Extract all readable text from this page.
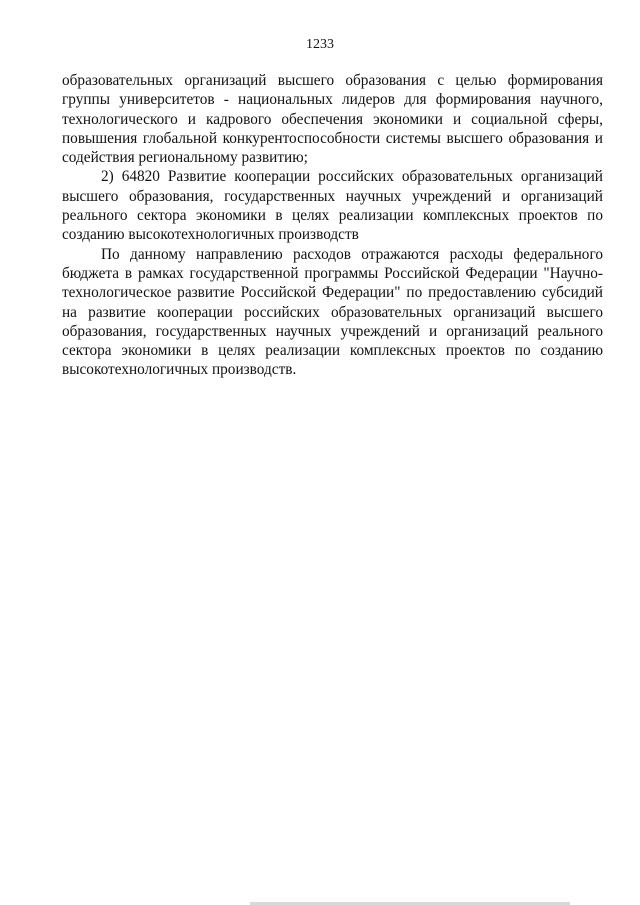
1233

образовательных организаций высшего образования с целью формирования группы университетов - национальных лидеров для формирования научного, технологического и кадрового обеспечения экономики и социальной сферы, повышения глобальной конкурентоспособности системы высшего образования и содействия региональному развитию;

2) 64820 Развитие кооперации российских образовательных организаций высшего образования, государственных научных учреждений и организаций реального сектора экономики в целях реализации комплексных проектов по созданию высокотехнологичных производств

По данному направлению расходов отражаются расходы федерального бюджета в рамках государственной программы Российской Федерации "Научно-технологическое развитие Российской Федерации" по предоставлению субсидий на развитие кооперации российских образовательных организаций высшего образования, государственных научных учреждений и организаций реального сектора экономики в целях реализации комплексных проектов по созданию высокотехнологичных производств.
